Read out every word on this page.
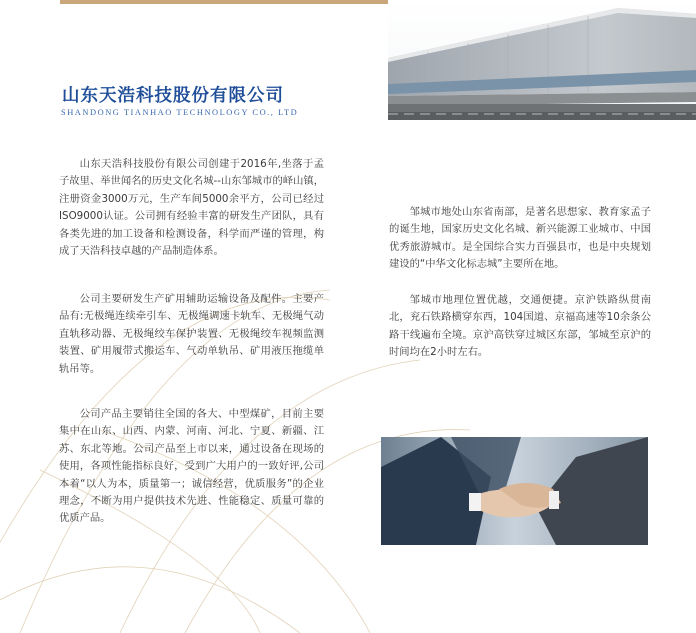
山东天浩科技股份有限公司
SHANDONG TIANHAO TECHNOLOGY CO., LTD

山东天浩科技股份有限公司创建于2016年,坐落于孟子故里、举世闻名的历史文化名城--山东邹城市的峄山镇，注册资金3000万元，生产车间5000余平方，公司已经过ISO9000认证。公司拥有经验丰富的研发生产团队，具有各类先进的加工设备和检测设备，科学而严谨的管理，构成了天浩科技卓越的产品制造体系。

公司主要研发生产矿用辅助运输设备及配件。主要产品有:无极绳连续牵引车、无极绳调速卡轨车、无极绳气动直轨移动器、无极绳绞车保护装置、无极绳绞车视频监测装置、矿用履带式搬运车、气动单轨吊、矿用液压拖缆单轨吊等。

公司产品主要销往全国的各大、中型煤矿，目前主要集中在山东、山西、内蒙、河南、河北、宁夏、新疆、江苏、东北等地。公司产品至上市以来，通过设备在现场的使用，各项性能指标良好，受到广大用户的一致好评,公司本着“以人为本，质量第一；诚信经营，优质服务”的企业理念，不断为用户提供技术先进、性能稳定、质量可靠的优质产品。

邹城市地处山东省南部，是著名思想家、教育家孟子的诞生地，国家历史文化名城、新兴能源工业城市、中国优秀旅游城市。是全国综合实力百强县市，也是中央规划建设的“中华文化标志城”主要所在地。

邹城市地理位置优越，交通便捷。京沪铁路纵贯南北，兖石铁路横穿东西，104国道、京福高速等10余条公路干线遍布全境。京沪高铁穿过城区东部，邹城至京沪的时间均在2小时左右。
